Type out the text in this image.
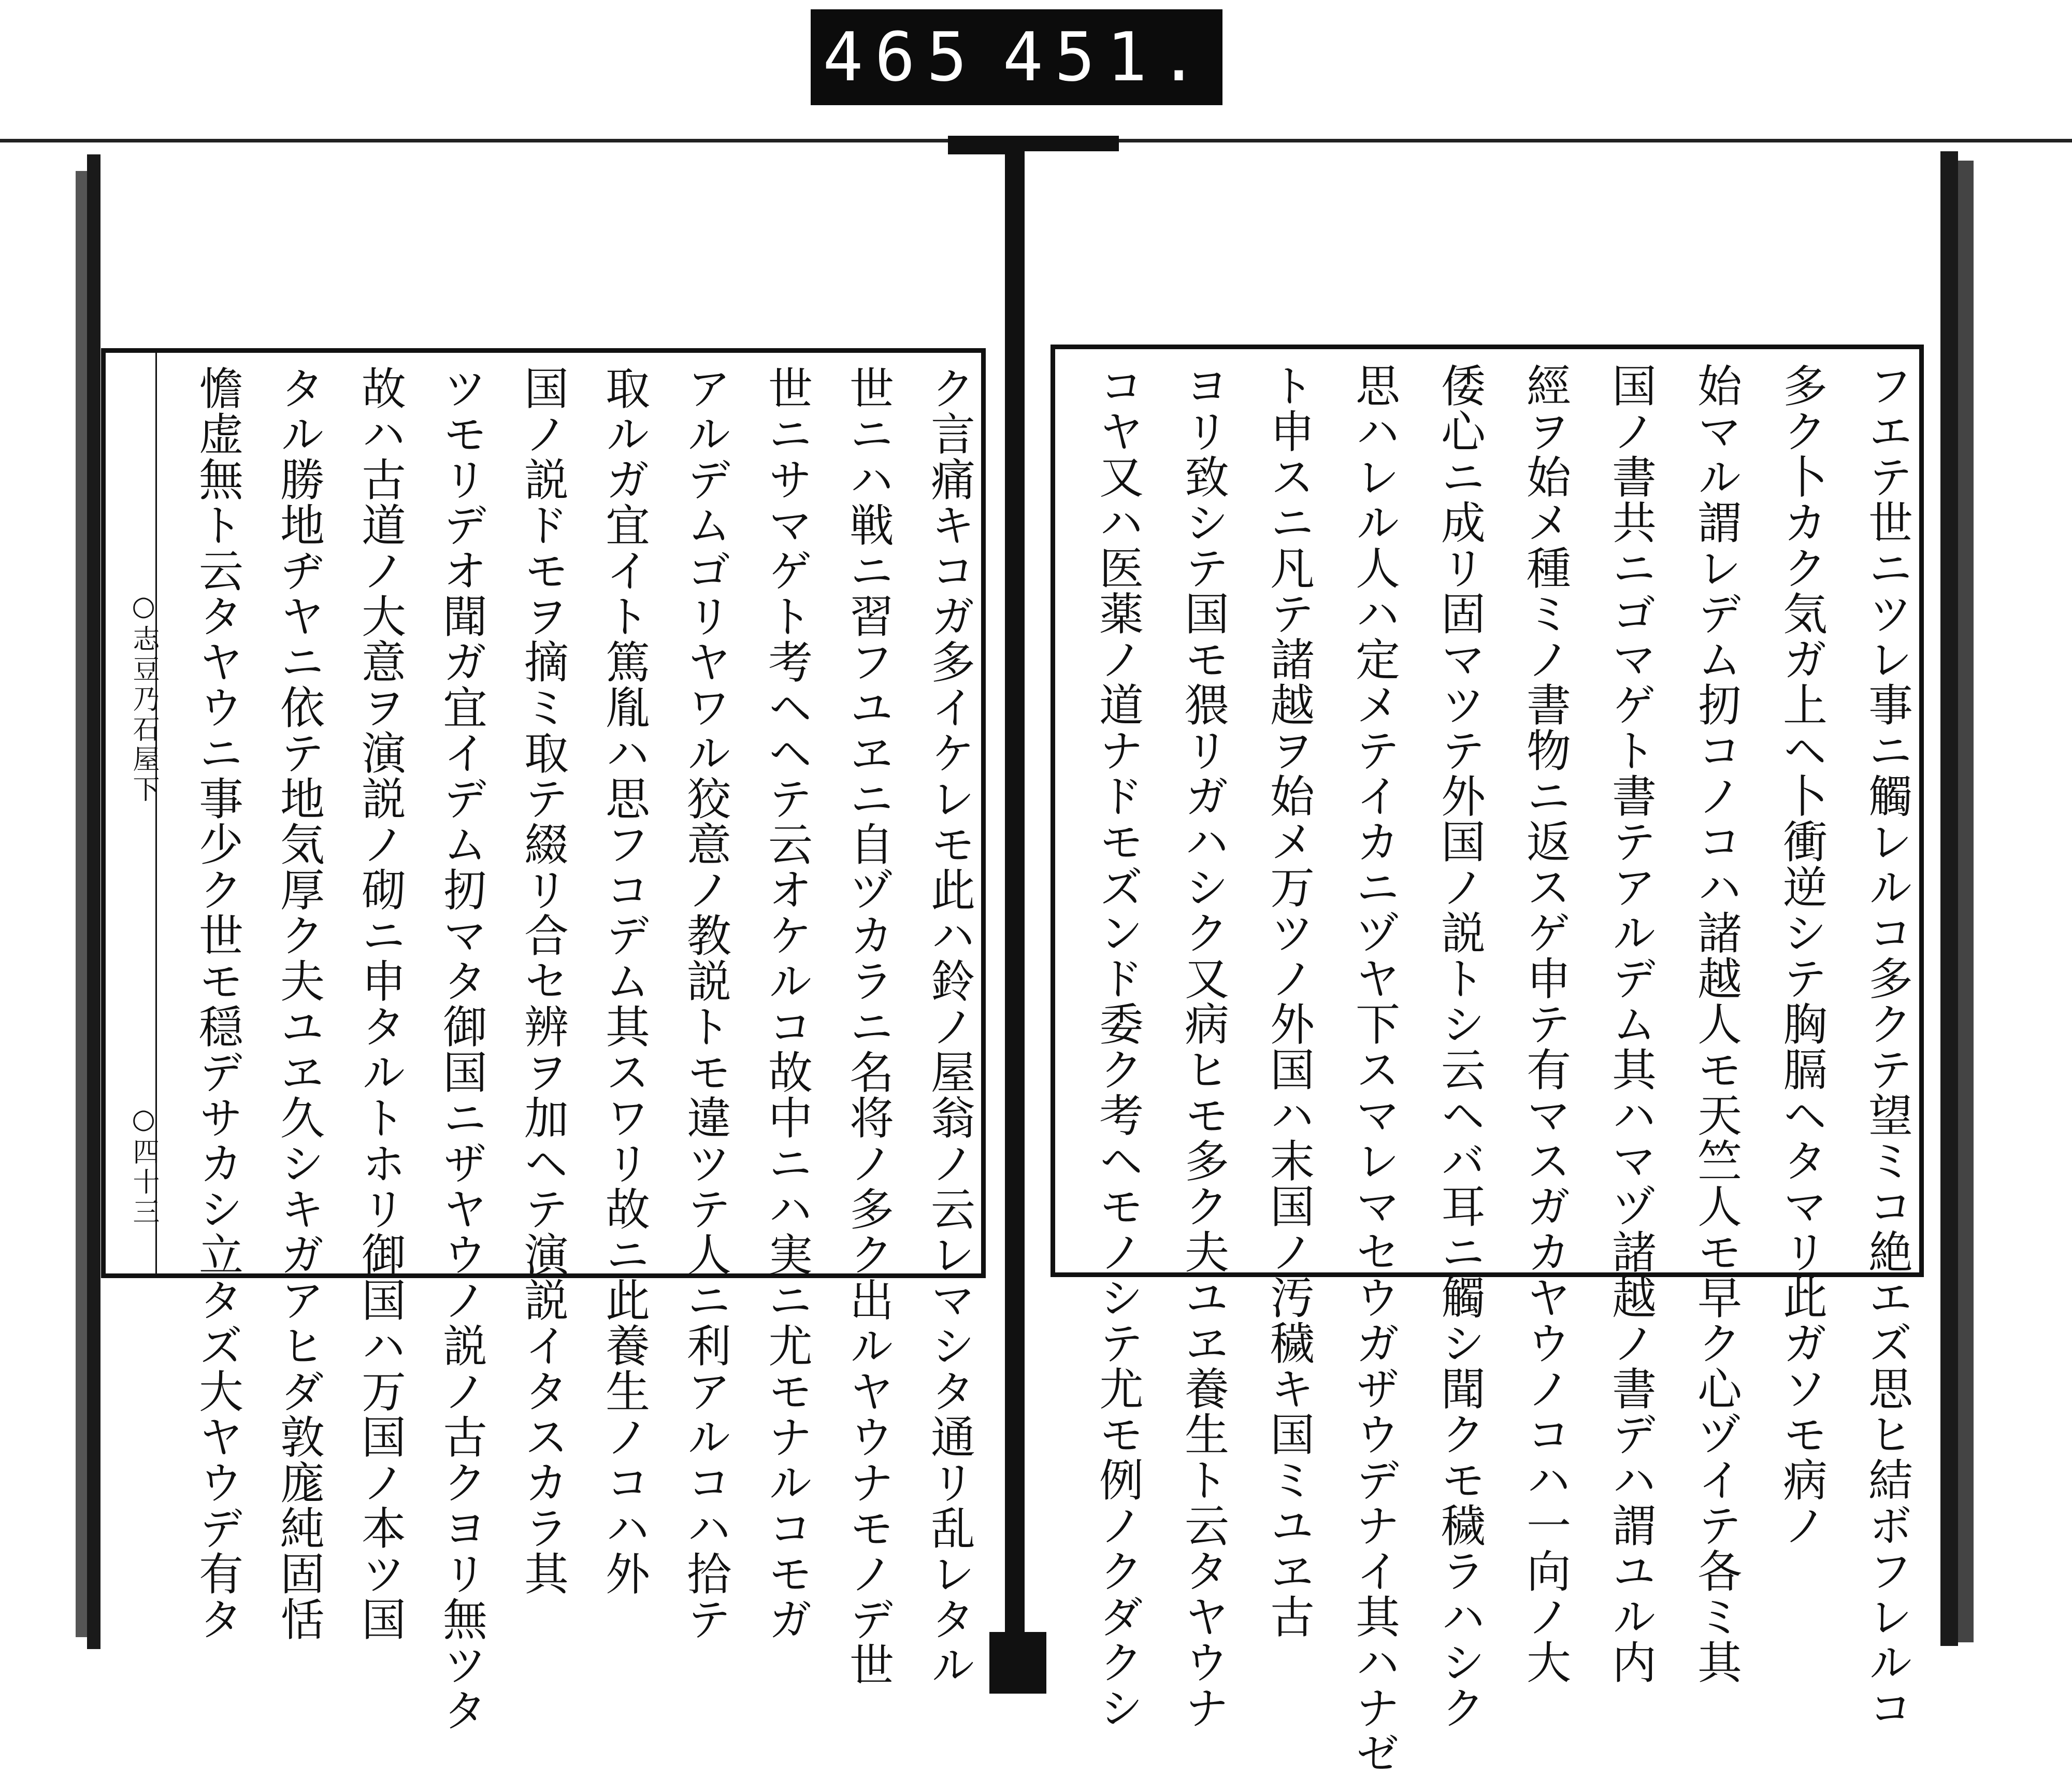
465 451.
○志豆乃石屋下
○四十三	ク言痛キコガ多イケレモ此ハ鈴ノ屋翁ノ云レマシタ通リ乱レタル
世ニハ戦ニ習フユヱニ自ヅカラニ名将ノ多ク出ルヤウナモノデ世
世ニサマゲト考ヘヘテ云オケルコ故中ニハ実ニ尤モナルコモガ
アルデムゴリヤワル狡意ノ教説トモ違ツテ人ニ利アルコハ拾テ
取ルガ宜イト篤胤ハ思フコデム其スワリ故ニ此養生ノコハ外
国ノ説ドモヲ摘ミ取テ綴リ合セ辨ヲ加ヘテ演説イタスカラ其
ツモリデオ聞ガ宜イデム扨マタ御国ニザヤウノ説ノ古クヨリ無ツタ
故ハ古道ノ大意ヲ演説ノ砌ニ申タルトホリ御国ハ万国ノ本ツ国
タル勝地ヂヤニ依テ地気厚ク夫ユヱ久シキガアヒダ敦庬純固恬
憺虚無ト云タヤウニ事少ク世モ穏デサカシ立タズ大ヤウデ有タ	フエテ世ニツレ事ニ觸レルコ多クテ望ミコ絶エズ思ヒ結ボフレルコ
多ク卜カク気ガ上ヘ卜衝逆シテ胸膈ヘタマリ此ガソモ病ノ
始マル謂レデム扨コノコハ諸越人モ天竺人モ早ク心ヅイテ各ミ其
国ノ書共ニゴマゲト書テアルデム其ハマヅ諸越ノ書デハ謂ユル内
經ヲ始メ種ミノ書物ニ返スゲ申テ有マスガカヤウノコハ一向ノ大
倭心ニ成リ固マツテ外国ノ説トシ云ヘバ耳ニ觸シ聞クモ穢ラハシク
思ハレル人ハ定メテイカニヅヤ下スマレマセウガザウデナイ其ハナゼ
ト申スニ凡テ諸越ヲ始メ万ツノ外国ハ末国ノ汚穢キ国ミユヱ古
ヨリ致シテ国モ猥リガハシク又病ヒモ多ク夫ユヱ養生ト云タヤウナ
コヤ又ハ医薬ノ道ナドモズンド委ク考ヘモノシテ尤モ例ノクダクシ
